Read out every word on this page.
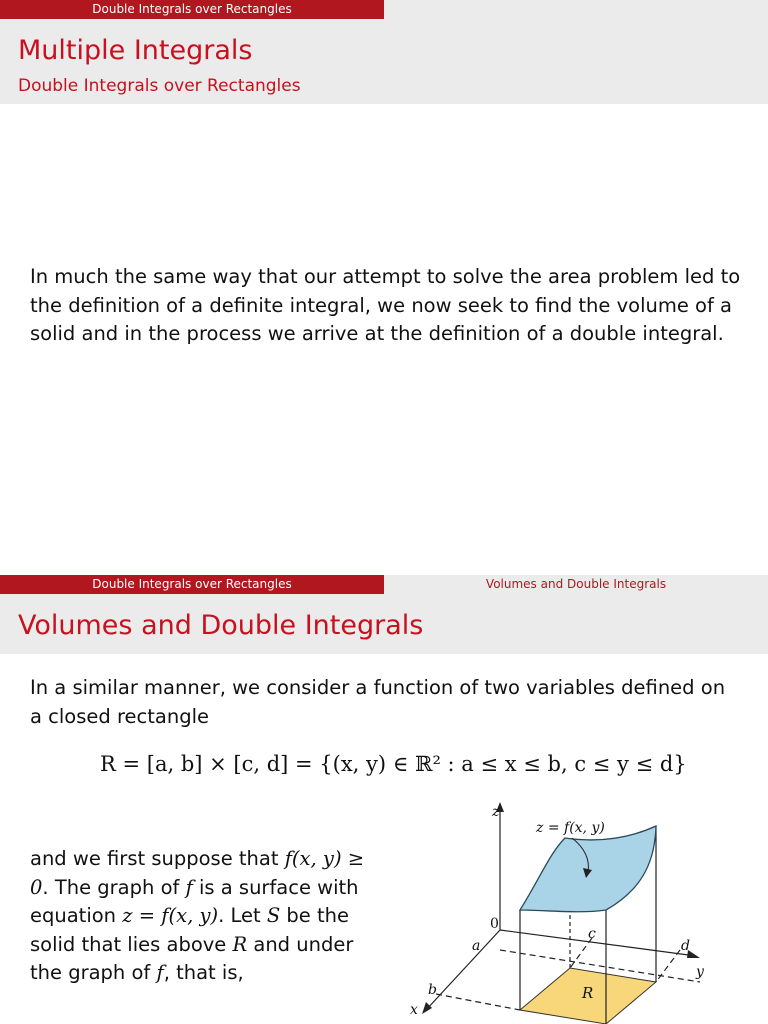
Double Integrals over Rectangles
Multiple Integrals
Double Integrals over Rectangles
In much the same way that our attempt to solve the area problem led to the definition of a definite integral, we now seek to find the volume of a solid and in the process we arrive at the definition of a double integral.
Double Integrals over Rectangles	Volumes and Double Integrals
Volumes and Double Integrals
In a similar manner, we consider a function of two variables defined on a closed rectangle
R = [a, b] × [c, d] = {(x, y) ∈ ℝ² : a ≤ x ≤ b, c ≤ y ≤ d}
and we first suppose that f(x, y) ≥ 0. The graph of f is a surface with equation z = f(x, y). Let S be the solid that lies above R and under the graph of f, that is,
z
z = f(x, y)
0
a
b
c
d
x
y
R
